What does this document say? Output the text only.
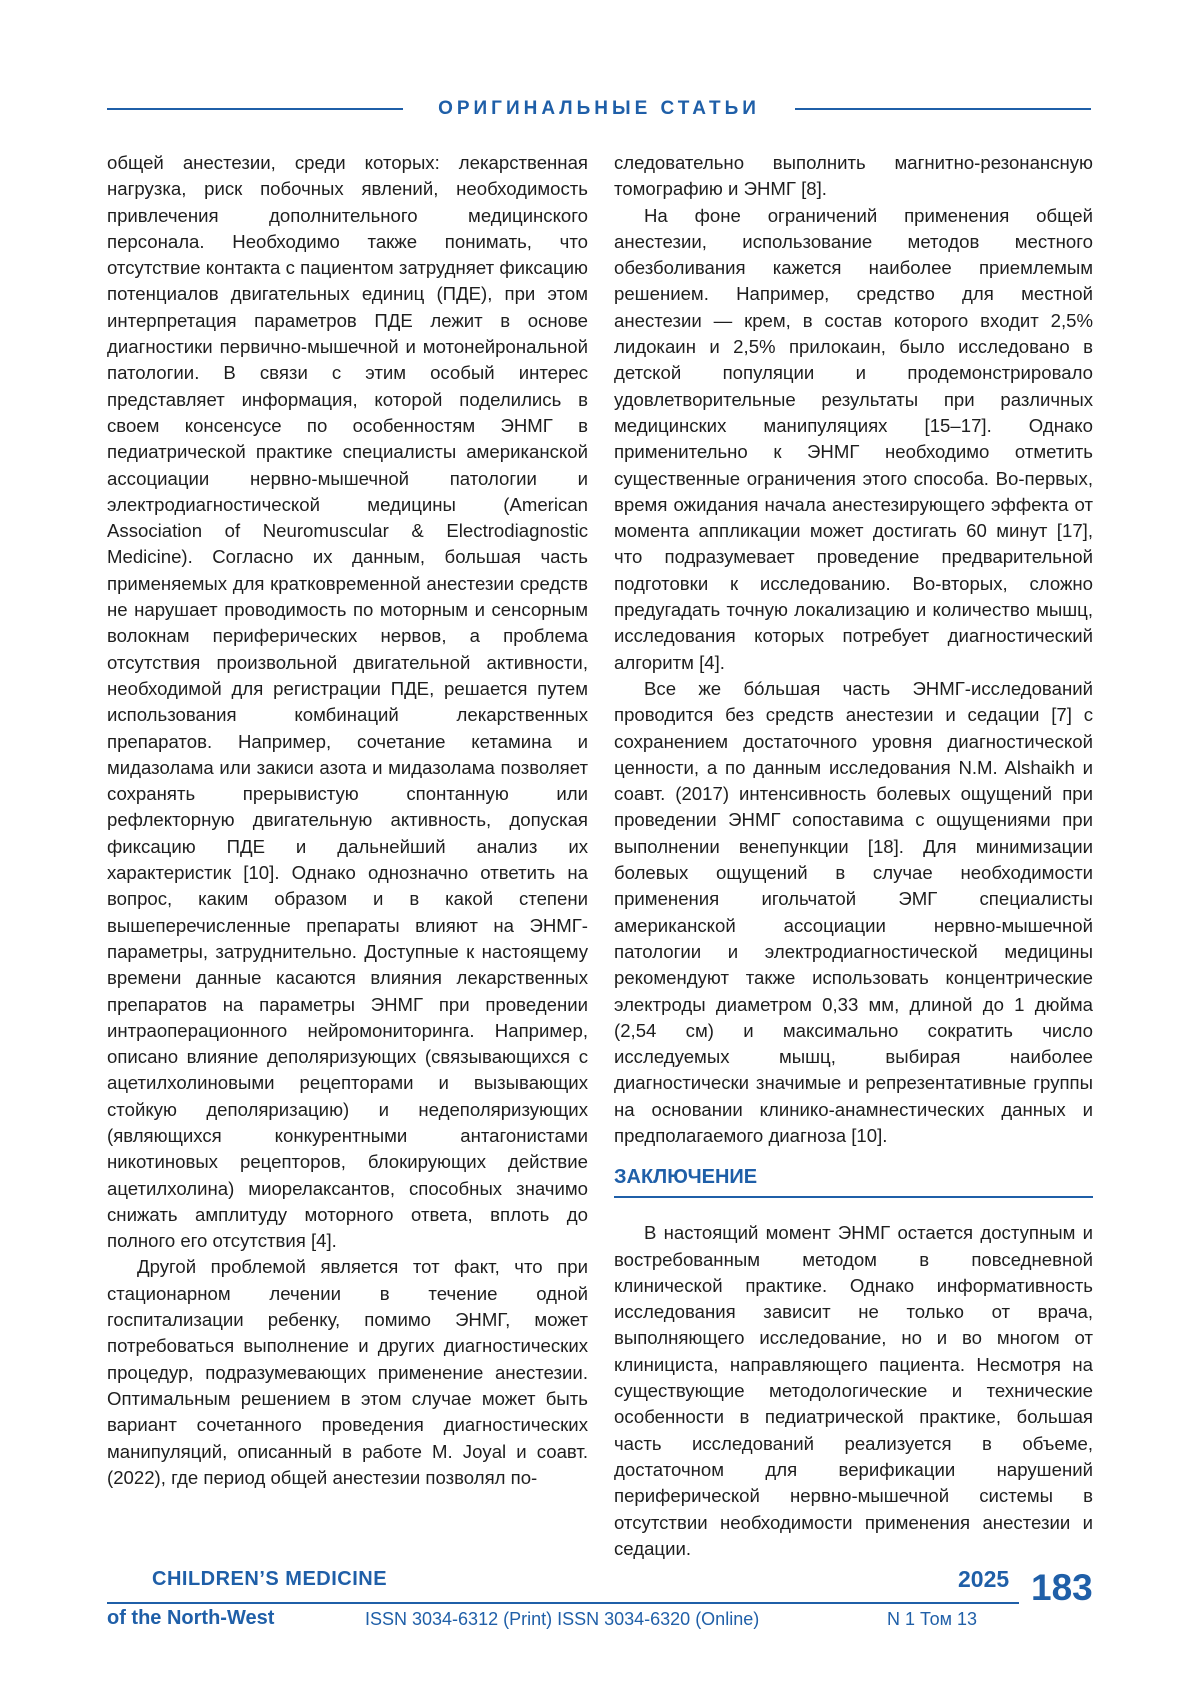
ОРИГИНАЛЬНЫЕ СТАТЬИ

общей анестезии, среди которых: лекарственная нагрузка, риск побочных явлений, необходимость привлечения дополнительного медицинского персонала. Необходимо также понимать, что отсутствие контакта с пациентом затрудняет фиксацию потенциалов двигательных единиц (ПДЕ), при этом интерпретация параметров ПДЕ лежит в основе диагностики первично-мышечной и мотонейрональной патологии. В связи с этим особый интерес представляет информация, которой поделились в своем консенсусе по особенностям ЭНМГ в педиатрической практике специалисты американской ассоциации нервно-мышечной патологии и электродиагностической медицины (American Association of Neuromuscular & Electrodiagnostic Medicine). Согласно их данным, большая часть применяемых для кратковременной анестезии средств не нарушает проводимость по моторным и сенсорным волокнам периферических нервов, а проблема отсутствия произвольной двигательной активности, необходимой для регистрации ПДЕ, решается путем использования комбинаций лекарственных препаратов. Например, сочетание кетамина и мидазолама или закиси азота и мидазолама позволяет сохранять прерывистую спонтанную или рефлекторную двигательную активность, допуская фиксацию ПДЕ и дальнейший анализ их характеристик [10]. Однако однозначно ответить на вопрос, каким образом и в какой степени вышеперечисленные препараты влияют на ЭНМГ-параметры, затруднительно. Доступные к настоящему времени данные касаются влияния лекарственных препаратов на параметры ЭНМГ при проведении интраоперационного нейромониторинга. Например, описано влияние деполяризующих (связывающихся с ацетилхолиновыми рецепторами и вызывающих стойкую деполяризацию) и недеполяризующих (являющихся конкурентными антагонистами никотиновых рецепторов, блокирующих действие ацетилхолина) миорелаксантов, способных значимо снижать амплитуду моторного ответа, вплоть до полного его отсутствия [4].

Другой проблемой является тот факт, что при стационарном лечении в течение одной госпитализации ребенку, помимо ЭНМГ, может потребоваться выполнение и других диагностических процедур, подразумевающих применение анестезии. Оптимальным решением в этом случае может быть вариант сочетанного проведения диагностических манипуляций, описанный в работе M. Joyal и соавт. (2022), где период общей анестезии позволял по-

следовательно выполнить магнитно-резонансную томографию и ЭНМГ [8].

На фоне ограничений применения общей анестезии, использование методов местного обезболивания кажется наиболее приемлемым решением. Например, средство для местной анестезии — крем, в состав которого входит 2,5% лидокаин и 2,5% прилокаин, было исследовано в детской популяции и продемонстрировало удовлетворительные результаты при различных медицинских манипуляциях [15–17]. Однако применительно к ЭНМГ необходимо отметить существенные ограничения этого способа. Во-первых, время ожидания начала анестезирующего эффекта от момента аппликации может достигать 60 минут [17], что подразумевает проведение предварительной подготовки к исследованию. Во-вторых, сложно предугадать точную локализацию и количество мышц, исследования которых потребует диагностический алгоритм [4].

Все же бóльшая часть ЭНМГ-исследований проводится без средств анестезии и седации [7] с сохранением достаточного уровня диагностической ценности, а по данным исследования N.M. Alshaikh и соавт. (2017) интенсивность болевых ощущений при проведении ЭНМГ сопоставима с ощущениями при выполнении венепункции [18]. Для минимизации болевых ощущений в случае необходимости применения игольчатой ЭМГ специалисты американской ассоциации нервно-мышечной патологии и электродиагностической медицины рекомендуют также использовать концентрические электроды диаметром 0,33 мм, длиной до 1 дюйма (2,54 см) и максимально сократить число исследуемых мышц, выбирая наиболее диагностически значимые и репрезентативные группы на основании клинико-анамнестических данных и предполагаемого диагноза [10].

ЗАКЛЮЧЕНИЕ

В настоящий момент ЭНМГ остается доступным и востребованным методом в повседневной клинической практике. Однако информативность исследования зависит не только от врача, выполняющего исследование, но и во многом от клинициста, направляющего пациента. Несмотря на существующие методологические и технические особенности в педиатрической практике, большая часть исследований реализуется в объеме, достаточном для верификации нарушений периферической нервно-мышечной системы в отсутствии необходимости применения анестезии и седации.

CHILDREN’S MEDICINE	2025 183
of the North-West	ISSN 3034-6312 (Print) ISSN 3034-6320 (Online)	N 1 Том 13
